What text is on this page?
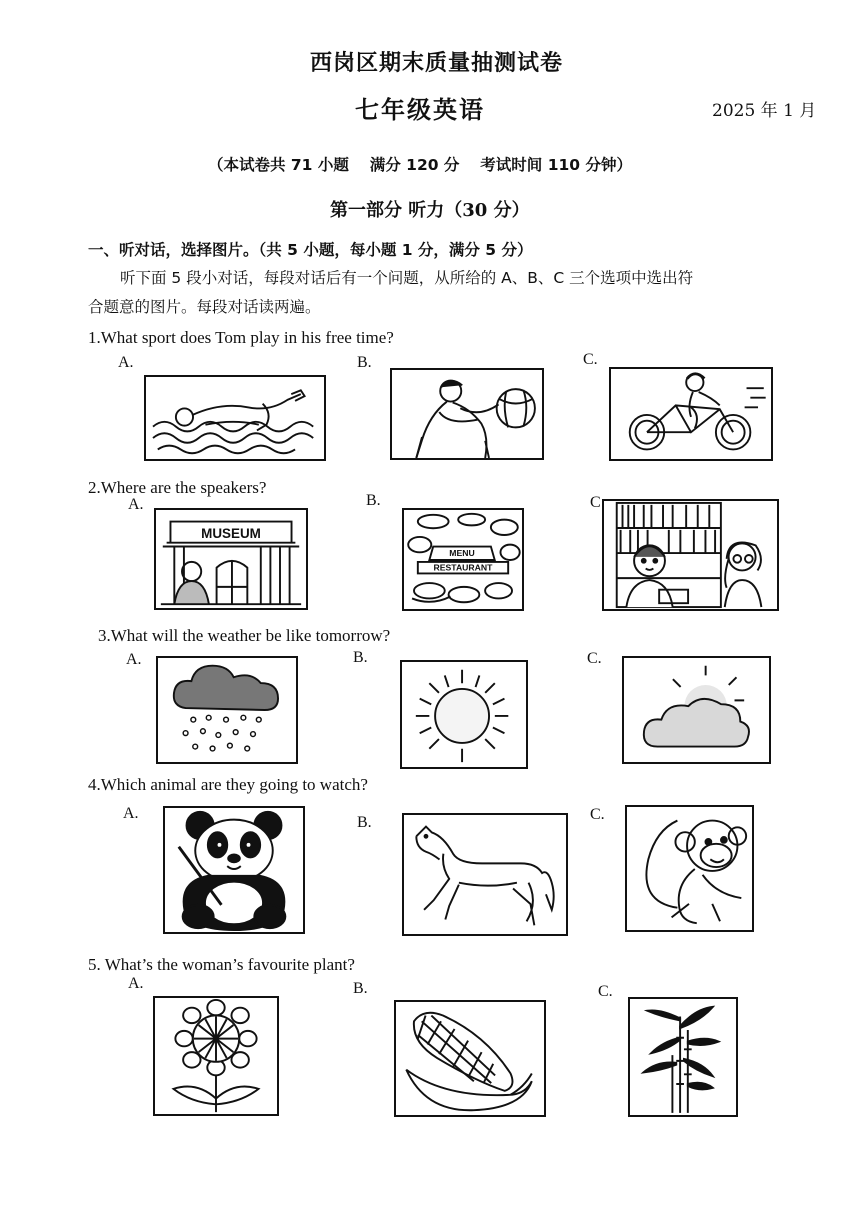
西岗区期末质量抽测试卷
七年级英语	2025 年 1 月
（本试卷共 71 小题　 满分 120 分　 考试时间 110 分钟）
第一部分 听力（30 分）
一、听对话，选择图片。（共 5 小题，每小题 1 分，满分 5 分）
听下面 5 段小对话，每段对话后有一个问题，从所给的 A、B、C 三个选项中选出符
合题意的图片。每段对话读两遍。
1.What sport does Tom play in his free time?
A.	B.	C.
2.Where are the speakers?
A.	B.	C
MUSEUM
MENU
RESTAURANT
3.What will the weather be like tomorrow?
A.	B.	C.
4.Which animal are they going to watch?
A.
B.	C.
5. What’s the woman’s favourite plant?
A.	B.	C.
